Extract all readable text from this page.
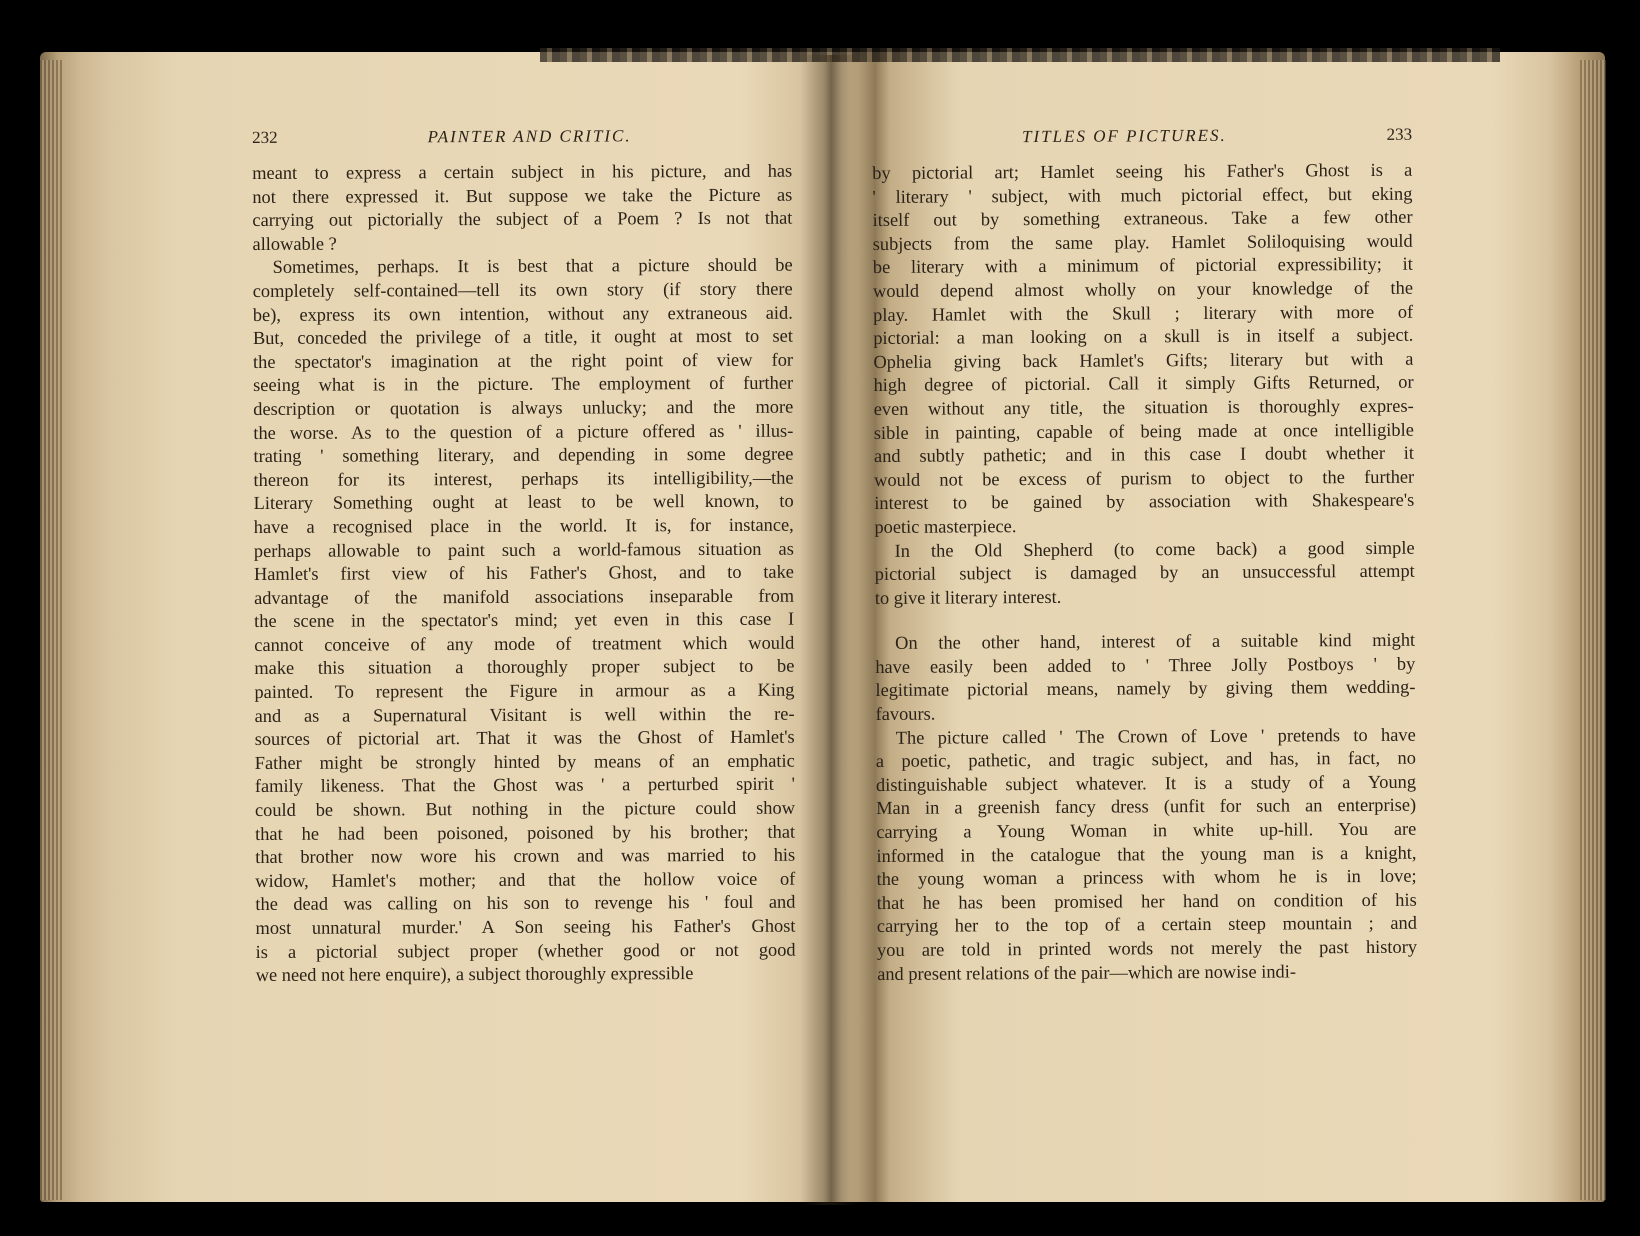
232	PAINTER AND CRITIC.
meant to express a certain subject in his picture, and has
not there expressed it. But suppose we take the Picture as
carrying out pictorially the subject of a Poem ? Is not that
allowable ?
Sometimes, perhaps. It is best that a picture should be
completely self-contained—tell its own story (if story there
be), express its own intention, without any extraneous aid.
But, conceded the privilege of a title, it ought at most to set
the spectator's imagination at the right point of view for
seeing what is in the picture. The employment of further
description or quotation is always unlucky; and the more
the worse. As to the question of a picture offered as ' illus-
trating ' something literary, and depending in some degree
thereon for its interest, perhaps its intelligibility,—the
Literary Something ought at least to be well known, to
have a recognised place in the world. It is, for instance,
perhaps allowable to paint such a world-famous situation as
Hamlet's first view of his Father's Ghost, and to take
advantage of the manifold associations inseparable from
the scene in the spectator's mind; yet even in this case I
cannot conceive of any mode of treatment which would
make this situation a thoroughly proper subject to be
painted. To represent the Figure in armour as a King
and as a Supernatural Visitant is well within the re-
sources of pictorial art. That it was the Ghost of Hamlet's
Father might be strongly hinted by means of an emphatic
family likeness. That the Ghost was ' a perturbed spirit '
could be shown. But nothing in the picture could show
that he had been poisoned, poisoned by his brother; that
that brother now wore his crown and was married to his
widow, Hamlet's mother; and that the hollow voice of
the dead was calling on his son to revenge his ' foul and
most unnatural murder.' A Son seeing his Father's Ghost
is a pictorial subject proper (whether good or not good
we need not here enquire), a subject thoroughly expressible
TITLES OF PICTURES.	233
by pictorial art; Hamlet seeing his Father's Ghost is a
' literary ' subject, with much pictorial effect, but eking
itself out by something extraneous. Take a few other
subjects from the same play. Hamlet Soliloquising would
be literary with a minimum of pictorial expressibility; it
would depend almost wholly on your knowledge of the
play. Hamlet with the Skull ; literary with more of
pictorial: a man looking on a skull is in itself a subject.
Ophelia giving back Hamlet's Gifts; literary but with a
high degree of pictorial. Call it simply Gifts Returned, or
even without any title, the situation is thoroughly expres-
sible in painting, capable of being made at once intelligible
and subtly pathetic; and in this case I doubt whether it
would not be excess of purism to object to the further
interest to be gained by association with Shakespeare's
poetic masterpiece.
In the Old Shepherd (to come back) a good simple
pictorial subject is damaged by an unsuccessful attempt
to give it literary interest.
On the other hand, interest of a suitable kind might
have easily been added to ' Three Jolly Postboys ' by
legitimate pictorial means, namely by giving them wedding-
favours.
The picture called ' The Crown of Love ' pretends to have
a poetic, pathetic, and tragic subject, and has, in fact, no
distinguishable subject whatever. It is a study of a Young
Man in a greenish fancy dress (unfit for such an enterprise)
carrying a Young Woman in white up-hill. You are
informed in the catalogue that the young man is a knight,
the young woman a princess with whom he is in love;
that he has been promised her hand on condition of his
carrying her to the top of a certain steep mountain ; and
you are told in printed words not merely the past history
and present relations of the pair—which are nowise indi-
